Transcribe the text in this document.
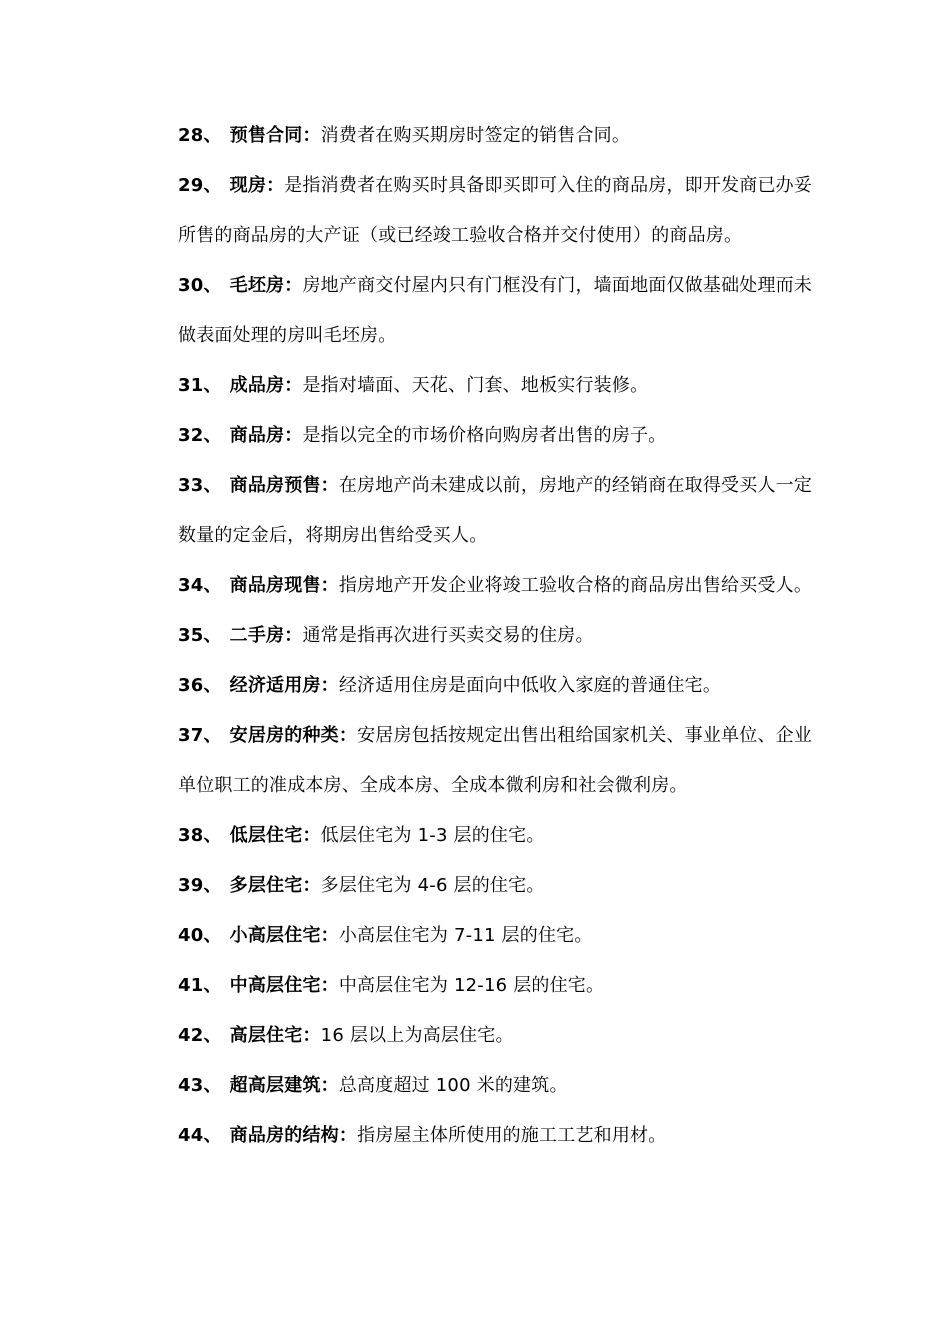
28、 预售合同：消费者在购买期房时签定的销售合同。

29、 现房：是指消费者在购买时具备即买即可入住的商品房，即开发商已办妥所售的商品房的大产证（或已经竣工验收合格并交付使用）的商品房。

30、 毛坯房：房地产商交付屋内只有门框没有门，墙面地面仅做基础处理而未做表面处理的房叫毛坯房。

31、 成品房：是指对墙面、天花、门套、地板实行装修。

32、 商品房：是指以完全的市场价格向购房者出售的房子。

33、 商品房预售：在房地产尚未建成以前，房地产的经销商在取得受买人一定数量的定金后，将期房出售给受买人。

34、 商品房现售：指房地产开发企业将竣工验收合格的商品房出售给买受人。

35、 二手房：通常是指再次进行买卖交易的住房。

36、 经济适用房：经济适用住房是面向中低收入家庭的普通住宅。

37、 安居房的种类：安居房包括按规定出售出租给国家机关、事业单位、企业单位职工的准成本房、全成本房、全成本微利房和社会微利房。

38、 低层住宅：低层住宅为 1-3 层的住宅。

39、 多层住宅：多层住宅为 4-6 层的住宅。

40、 小高层住宅：小高层住宅为 7-11 层的住宅。

41、 中高层住宅：中高层住宅为 12-16 层的住宅。

42、 高层住宅：16 层以上为高层住宅。

43、 超高层建筑：总高度超过 100 米的建筑。

44、 商品房的结构：指房屋主体所使用的施工工艺和用材。
